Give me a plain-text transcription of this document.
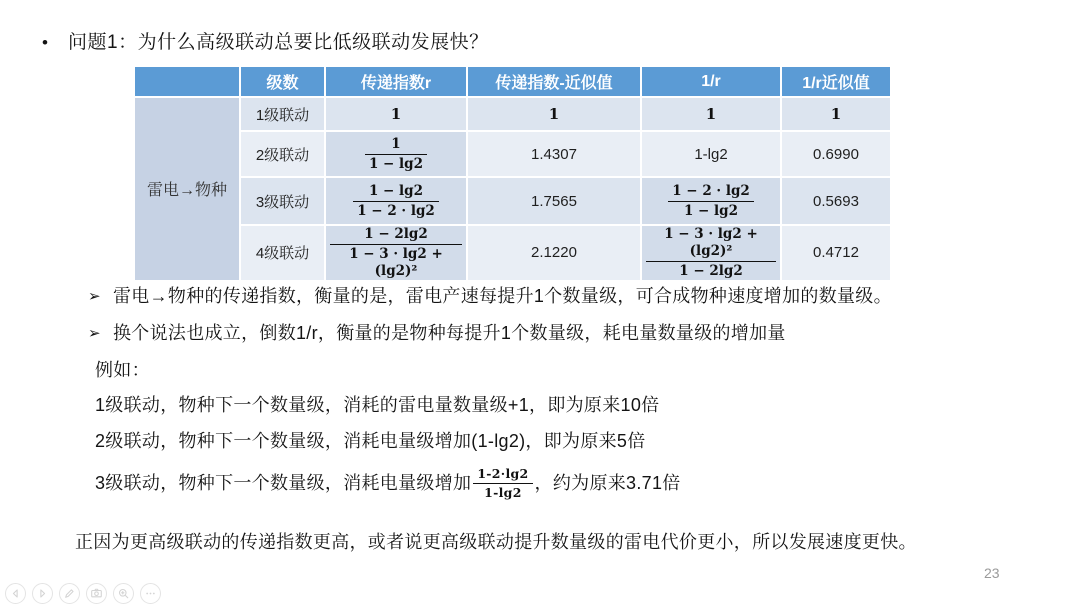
•	问题1：为什么高级联动总要比低级联动发展快？
	级数	传递指数r	传递指数-近似值	1/r	1/r近似值
雷电→物种	1级联动	1	1	1	1
	2级联动	$\frac{1}{1 - \lg 2}$	1.4307	1-lg2	0.6990
	3级联动	$\frac{1 - \lg 2}{1 - 2 \cdot \lg 2}$	1.7565	$\frac{1 - 2 \cdot \lg 2}{1 - \lg 2}$	0.5693
	4级联动	$\frac{1 - 2\lg 2}{\text{1 − 3 · lg2 +(lg2)²}}$	2.1220	$\frac{\text{1 − 3 · lg2 +(lg2)²}}{1 - 2\lg 2}$	0.4712
➢ 雷电→物种的传递指数，衡量的是，雷电产速每提升1个数量级，可合成物种速度增加的数量级。
➢ 换个说法也成立，倒数1/r，衡量的是物种每提升1个数量级，耗电量数量级的增加量
例如：
1级联动，物种下一个数量级，消耗的雷电量数量级+1，即为原来10倍
2级联动，物种下一个数量级，消耗电量级增加(1-lg2)，即为原来5倍
3级联动，物种下一个数量级，消耗电量级增加 $\frac{1-2\cdot\lg 2}{1-\lg 2}$ ，约为原来3.71倍
正因为更高级联动的传递指数更高，或者说更高级联动提升数量级的雷电代价更小，所以发展速度更快。
23
